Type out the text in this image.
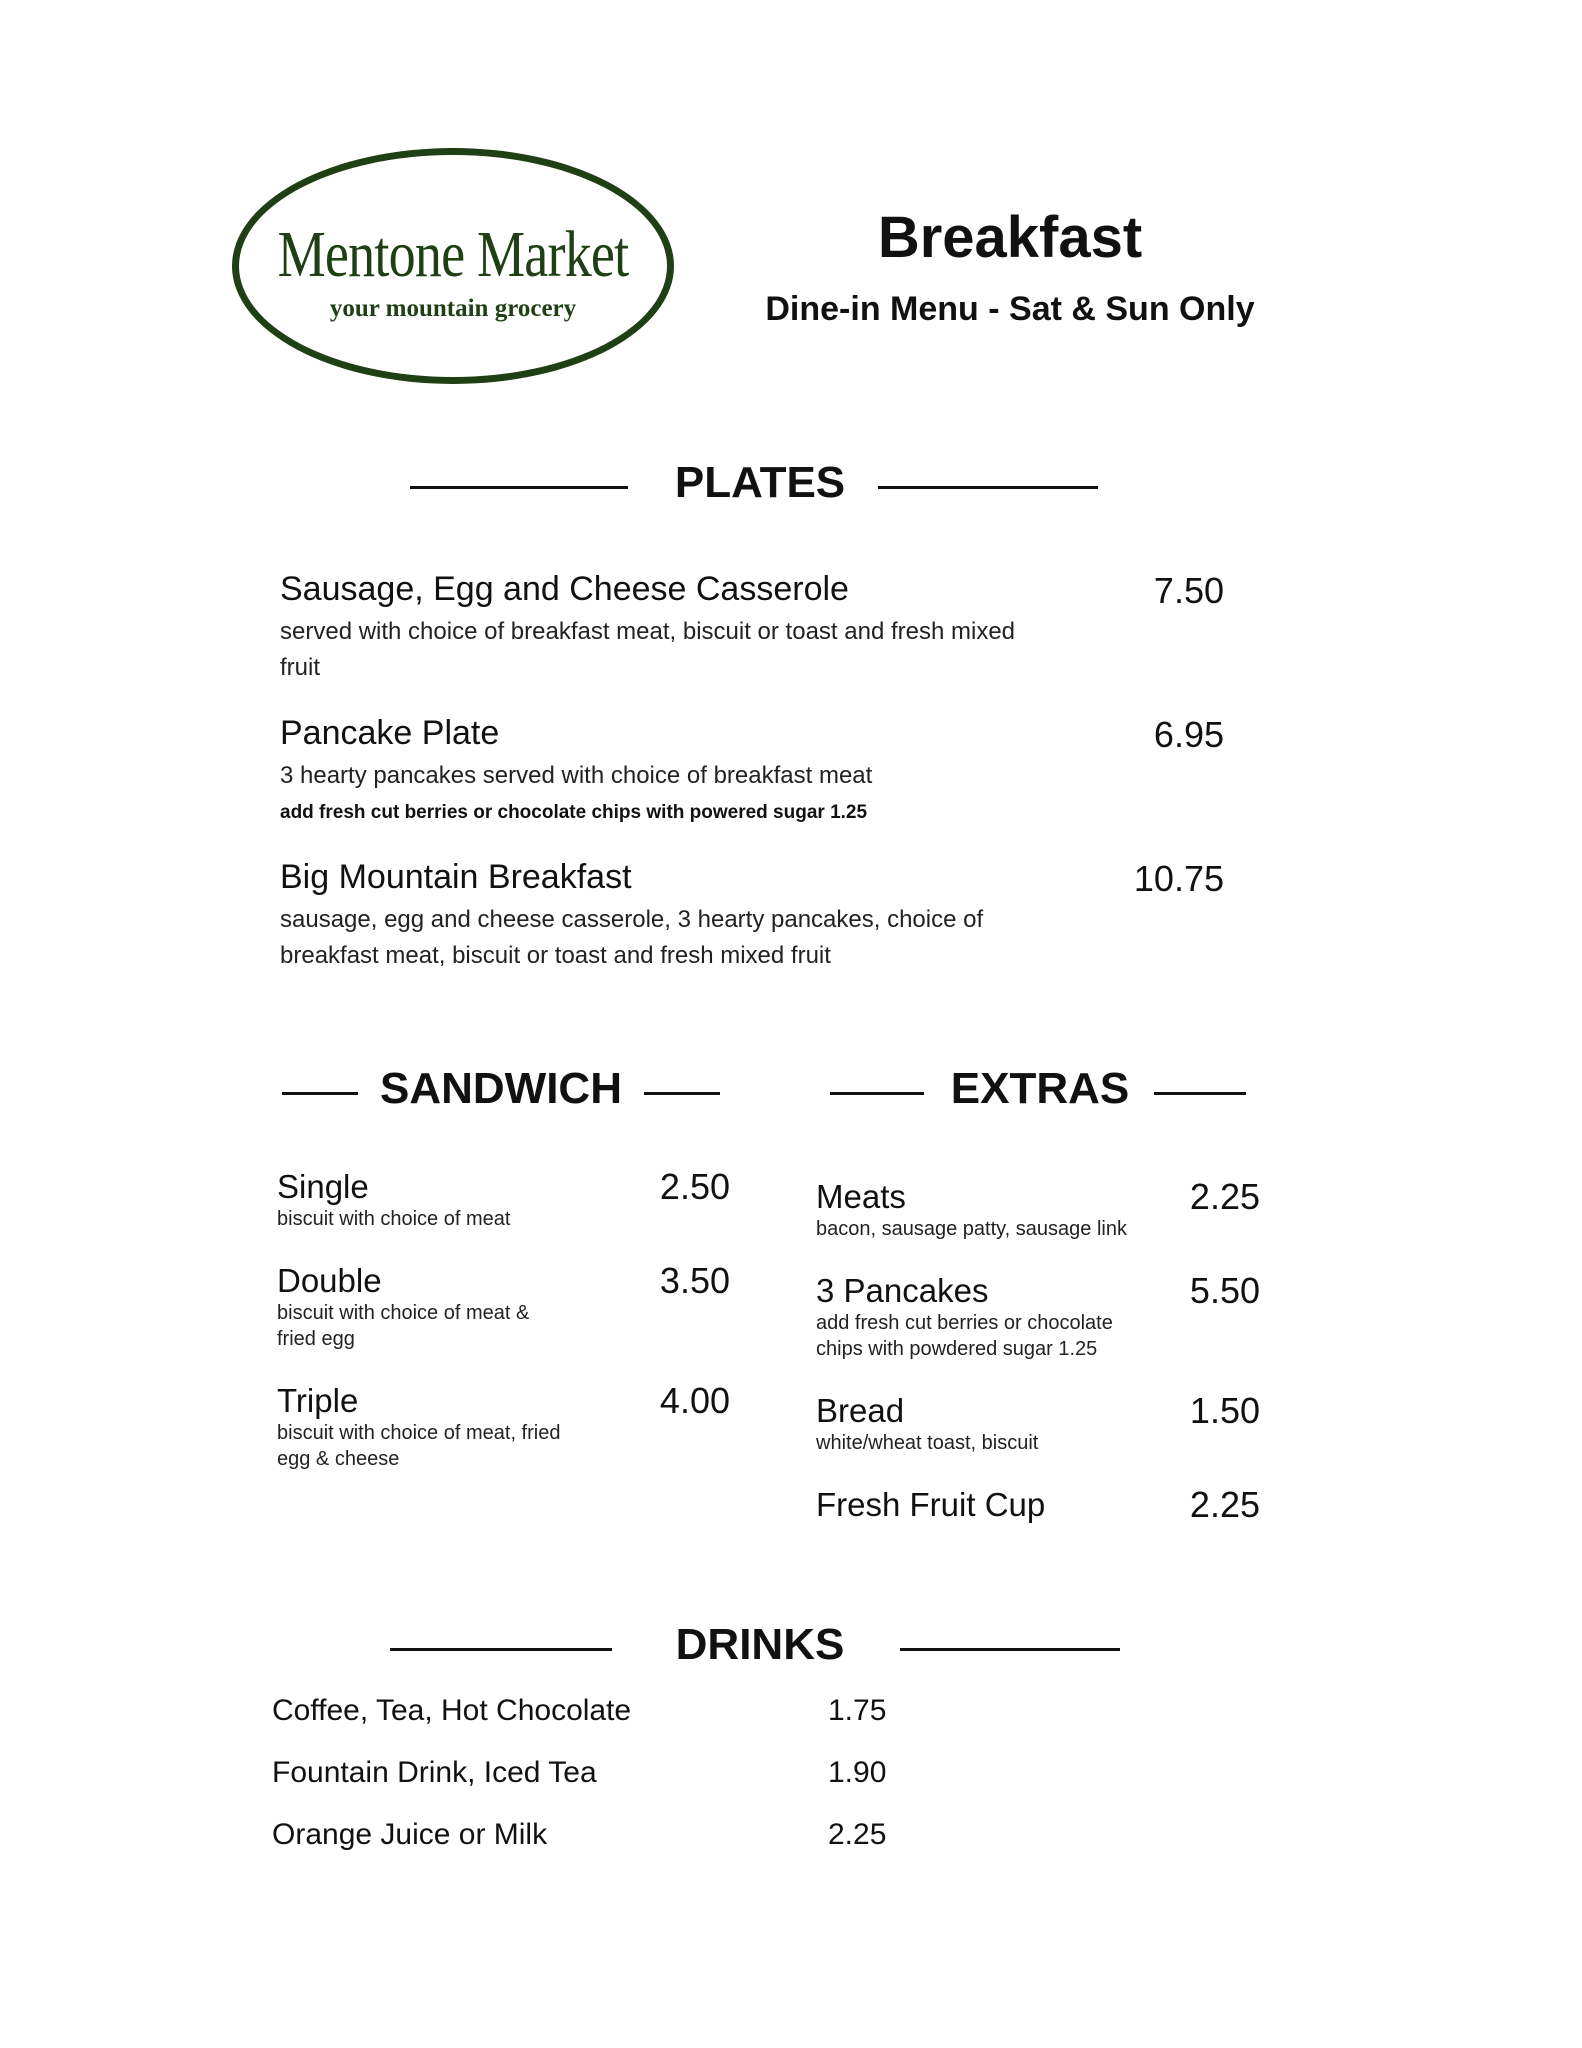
Mentone Market
your mountain grocery
Breakfast
Dine-in Menu - Sat & Sun Only
PLATES
Sausage, Egg and Cheese Casserole	7.50
served with choice of breakfast meat, biscuit or toast and fresh mixed fruit
Pancake Plate	6.95
3 hearty pancakes served with choice of breakfast meat
add fresh cut berries or chocolate chips with powered sugar 1.25
Big Mountain Breakfast	10.75
sausage, egg and cheese casserole, 3 hearty pancakes, choice of breakfast meat, biscuit or toast and fresh mixed fruit
SANDWICH
Single	2.50
biscuit with choice of meat
Double	3.50
biscuit with choice of meat & fried egg
Triple	4.00
biscuit with choice of meat, fried egg & cheese
EXTRAS
Meats	2.25
bacon, sausage patty, sausage link
3 Pancakes	5.50
add fresh cut berries or chocolate chips with powdered sugar 1.25
Bread	1.50
white/wheat toast, biscuit
Fresh Fruit Cup	2.25
DRINKS
Coffee, Tea, Hot Chocolate	1.75
Fountain Drink, Iced Tea	1.90
Orange Juice or Milk	2.25
